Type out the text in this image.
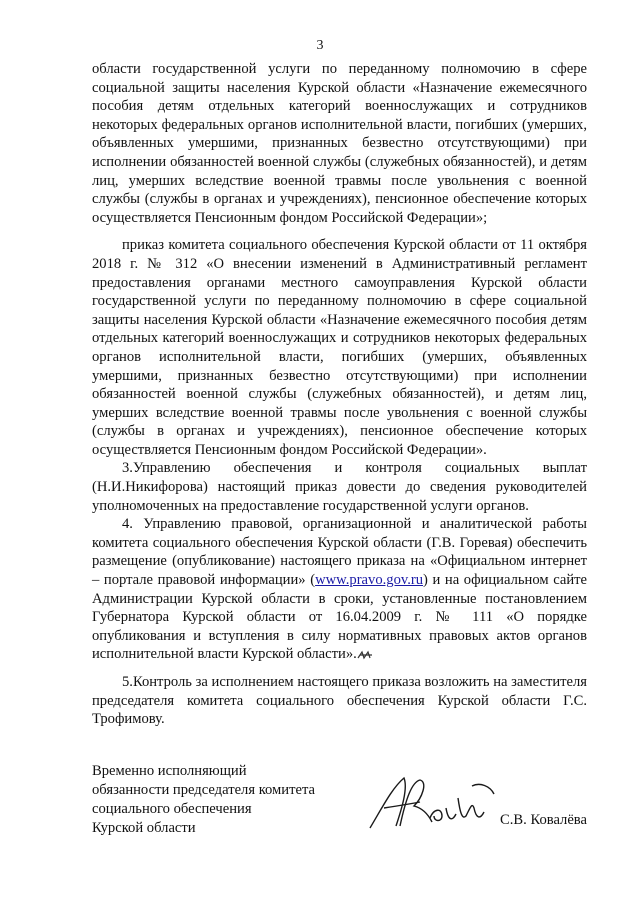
3

области государственной услуги по переданному полномочию в сфере социальной защиты населения Курской области «Назначение ежемесячного пособия детям отдельных категорий военнослужащих и сотрудников некоторых федеральных органов исполнительной власти, погибших (умерших, объявленных умершими, признанных безвестно отсутствующими) при исполнении обязанностей военной службы (служебных обязанностей), и детям лиц, умерших вследствие военной травмы после увольнения с военной службы (службы в органах и учреждениях), пенсионное обеспечение которых осуществляется Пенсионным фондом Российской Федерации»;

приказ комитета социального обеспечения Курской области от 11 октября 2018 г. № 312 «О внесении изменений в Административный регламент предоставления органами местного самоуправления Курской области государственной услуги по переданному полномочию в сфере социальной защиты населения Курской области «Назначение ежемесячного пособия детям отдельных категорий военнослужащих и сотрудников некоторых федеральных органов исполнительной власти, погибших (умерших, объявленных умершими, признанных безвестно отсутствующими) при исполнении обязанностей военной службы (служебных обязанностей), и детям лиц, умерших вследствие военной травмы после увольнения с военной службы (службы в органах и учреждениях), пенсионное обеспечение которых осуществляется Пенсионным фондом Российской Федерации».

3.Управлению обеспечения и контроля социальных выплат (Н.И.Никифорова) настоящий приказ довести до сведения руководителей уполномоченных на предоставление государственной услуги органов.

4. Управлению правовой, организационной и аналитической работы комитета социального обеспечения Курской области (Г.В. Горевая) обеспечить размещение (опубликование) настоящего приказа на «Официальном интернет – портале правовой информации» (www.pravo.gov.ru) и на официальном сайте Администрации Курской области в сроки, установленные постановлением Губернатора Курской области от 16.04.2009 г. № 111 «О порядке опубликования и вступления в силу нормативных правовых актов органов исполнительной власти Курской области».

5.Контроль за исполнением настоящего приказа возложить на заместителя председателя комитета социального обеспечения Курской области Г.С. Трофимову.

Временно исполняющий
обязанности председателя комитета
социального обеспечения
Курской области	С.В. Ковалёва
